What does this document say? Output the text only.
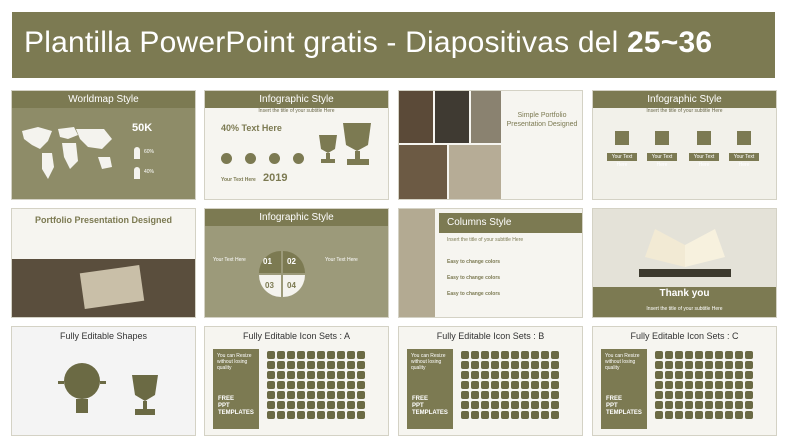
Plantilla PowerPoint gratis - Diapositivas del 25~36
Worldmap Style
50K
60%
40%
Infographic Style
Insert the title of your subtitle Here
40% Text Here
Your Text Here 2019
Simple Portfolio Presentation Designed
Infographic Style
Insert the title of your subtitle Here
Your Text Here
Your Text Here
Your Text Here
Your Text Here
Portfolio Presentation Designed	Infographic Style
01 02
03 04
Your Text Here	Your Text Here
Columns Style
Insert the title of your subtitle Here
Easy to change colors
Easy to change colors
Easy to change colors	Thank you
Insert the title of your subtitle Here
Fully Editable Shapes	Fully Editable Icon Sets : A
You can Resize without losing quality
FREE
PPT
TEMPLATES
Fully Editable Icon Sets : B
You can Resize without losing quality
FREE
PPT
TEMPLATES
Fully Editable Icon Sets : C
You can Resize without losing quality
FREE
PPT
TEMPLATES
